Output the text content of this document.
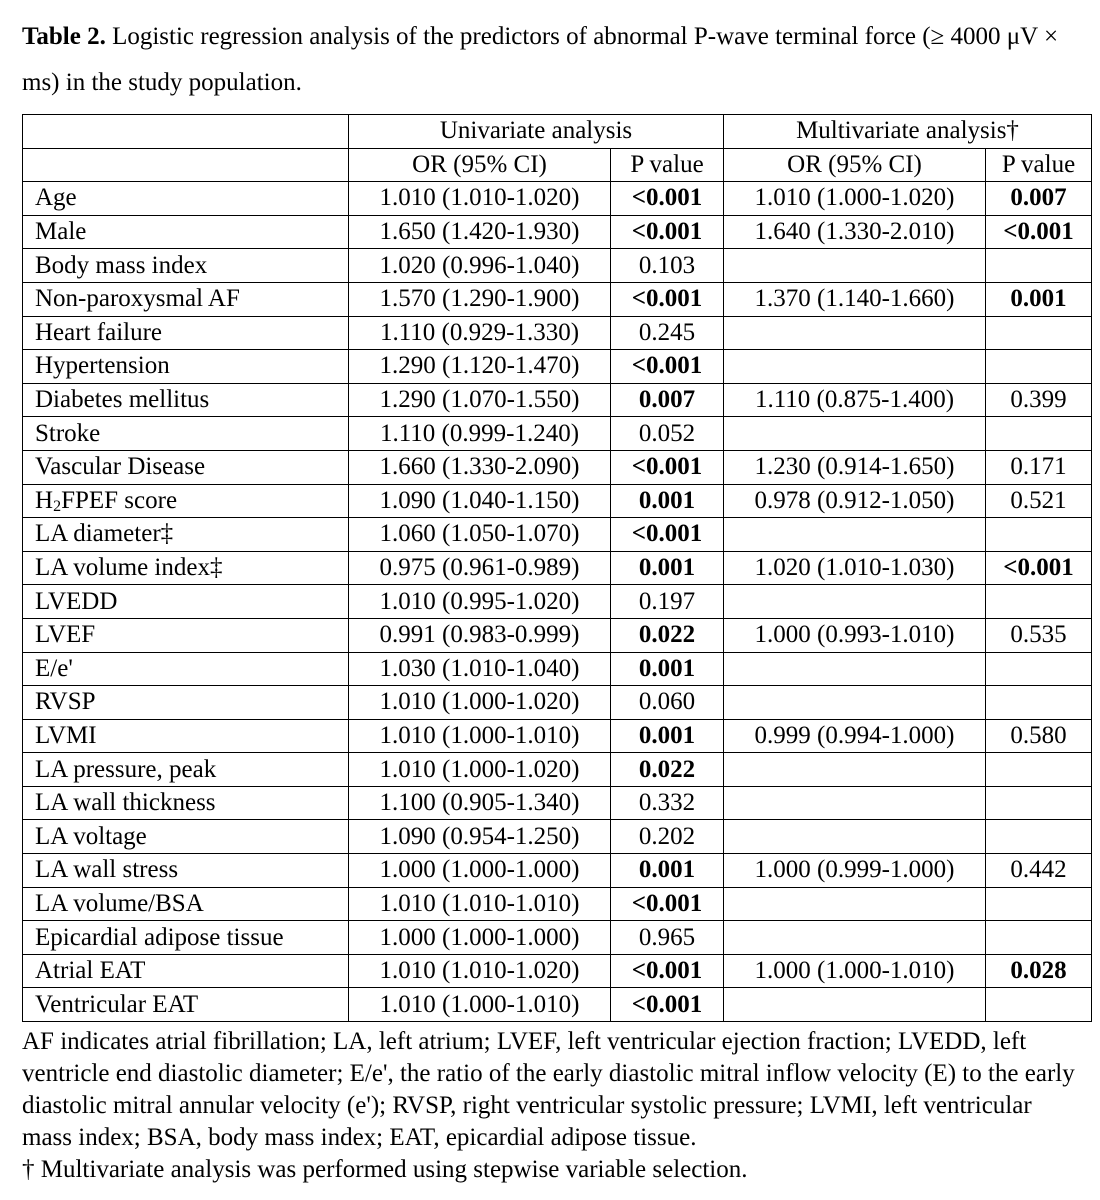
Table 2. Logistic regression analysis of the predictors of abnormal P-wave terminal force (≥ 4000 μV × ms) in the study population.
	Univariate analysis		Multivariate analysis†	
	OR (95% CI)	P value	OR (95% CI)	P value
Age	1.010 (1.010-1.020)	<0.001	1.010 (1.000-1.020)	0.007
Male	1.650 (1.420-1.930)	<0.001	1.640 (1.330-2.010)	<0.001
Body mass index	1.020 (0.996-1.040)	0.103		
Non-paroxysmal AF	1.570 (1.290-1.900)	<0.001	1.370 (1.140-1.660)	0.001
Heart failure	1.110 (0.929-1.330)	0.245		
Hypertension	1.290 (1.120-1.470)	<0.001		
Diabetes mellitus	1.290 (1.070-1.550)	0.007	1.110 (0.875-1.400)	0.399
Stroke	1.110 (0.999-1.240)	0.052		
Vascular Disease	1.660 (1.330-2.090)	<0.001	1.230 (0.914-1.650)	0.171
$H_2FPEF$ score	1.090 (1.040-1.150)	0.001	0.978 (0.912-1.050)	0.521
LA diameter‡	1.060 (1.050-1.070)	<0.001		
LA volume index‡	0.975 (0.961-0.989)	0.001	1.020 (1.010-1.030)	<0.001
LVEDD	1.010 (0.995-1.020)	0.197		
LVEF	0.991 (0.983-0.999)	0.022	1.000 (0.993-1.010)	0.535
E/e'	1.030 (1.010-1.040)	0.001		
RVSP	1.010 (1.000-1.020)	0.060		
LVMI	1.010 (1.000-1.010)	0.001	0.999 (0.994-1.000)	0.580
LA pressure, peak	1.010 (1.000-1.020)	0.022		
LA wall thickness	1.100 (0.905-1.340)	0.332		
LA voltage	1.090 (0.954-1.250)	0.202		
LA wall stress	1.000 (1.000-1.000)	0.001	1.000 (0.999-1.000)	0.442
LA volume/BSA	1.010 (1.010-1.010)	<0.001		
Epicardial adipose tissue	1.000 (1.000-1.000)	0.965		
Atrial EAT	1.010 (1.010-1.020)	<0.001	1.000 (1.000-1.010)	0.028
Ventricular EAT	1.010 (1.000-1.010)	<0.001		

AF indicates atrial fibrillation; LA, left atrium; LVEF, left ventricular ejection fraction; LVEDD, left ventricle end diastolic diameter; E/e', the ratio of the early diastolic mitral inflow velocity (E) to the early diastolic mitral annular velocity (e'); RVSP, right ventricular systolic pressure; LVMI, left ventricular mass index; BSA, body mass index; EAT, epicardial adipose tissue.

† Multivariate analysis was performed using stepwise variable selection.
